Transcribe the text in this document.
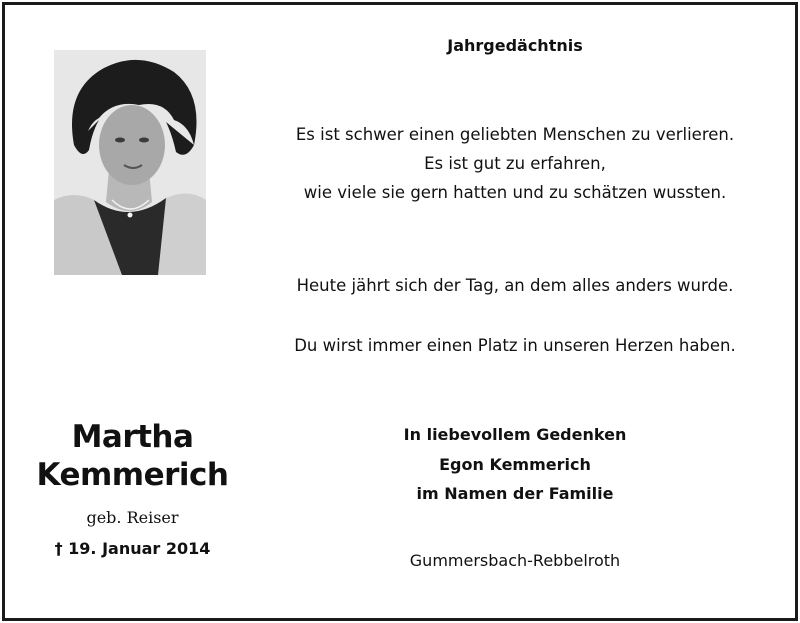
Jahrgedächtnis
Es ist schwer einen geliebten Menschen zu verlieren.
Es ist gut zu erfahren,
wie viele sie gern hatten und zu schätzen wussten.
Heute jährt sich der Tag, an dem alles anders wurde.
Du wirst immer einen Platz in unseren Herzen haben.
Martha
Kemmerich
geb. Reiser
† 19. Januar 2014
In liebevollem Gedenken
Egon Kemmerich
im Namen der Familie
Gummersbach-Rebbelroth
